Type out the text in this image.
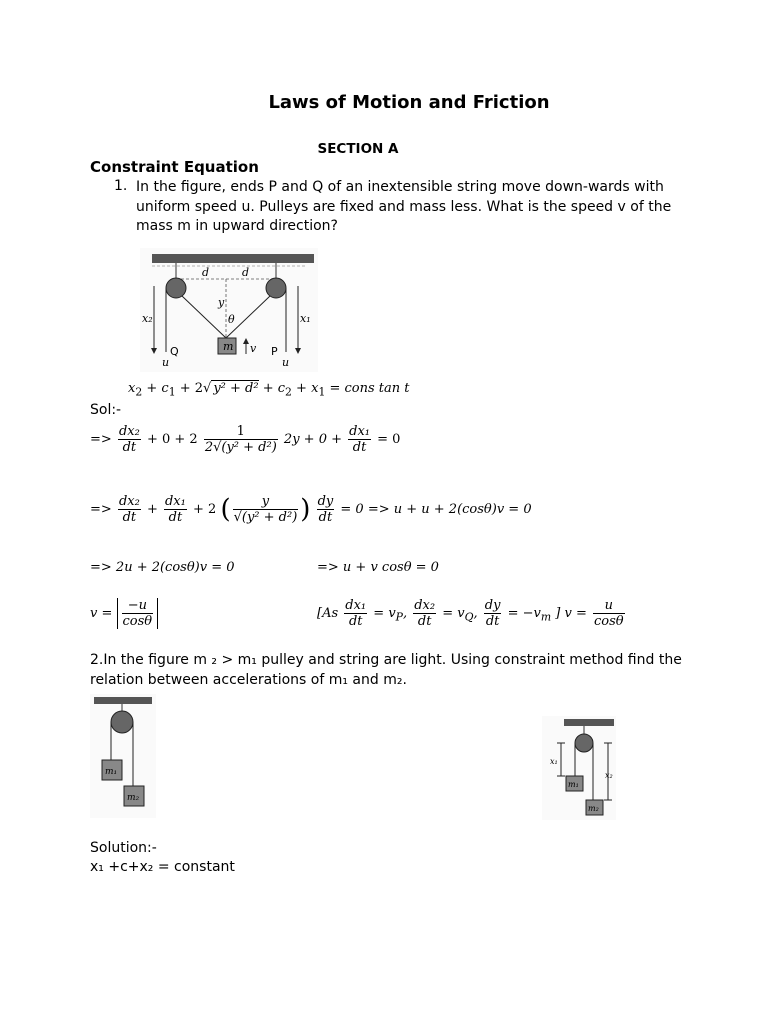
Laws of Motion and Friction
SECTION A
Constraint Equation
1. In the figure, ends P and Q of an inextensible string move down-wards with uniform speed u. Pulleys are fixed and mass less. What is the speed v of the mass m in upward direction?
d	d
y
θ
x₂	x₁
m v
u	u
Q	P
$x_2 + c_1 + 2√$ $y^2 + d^2 + c_2 + x_1$ = cons tan t
Sol:-
=> $\frac{\text{dx₂}}{dt} + 0 + 2 \frac{1}{\text{2√(y² + d²)}} 2y + 0 + \frac{\text{dx₁}}{dt} = 0$
=> $\frac{\text{dx₂}}{dt} + \frac{\text{dx₁}}{dt} + 2$ ( $\frac{y}{\text{√(y² + d²)}}$ ) $\frac{dy}{dt} = 0 => u + u + 2(\cos\theta)v = 0$
=> 2u + 2(cosθ)v = 0	=> u + v cosθ = 0
$v = \frac{-u}{\cos\theta}$	[$As \frac{\text{dx₁}}{dt} = v_P$, $\frac{\text{dx₂}}{dt} = v_Q$, $\frac{dy}{dt} = -v_m$ ] $v = \frac{u}{\cos\theta}$
2.In the figure m ₂ > m₁ pulley and string are light. Using constraint method find the relation between accelerations of m₁ and m₂.
m₁
m₂
x₁
x₂
m₁
m₂
Solution:-
x₁ +c+x₂ = constant
